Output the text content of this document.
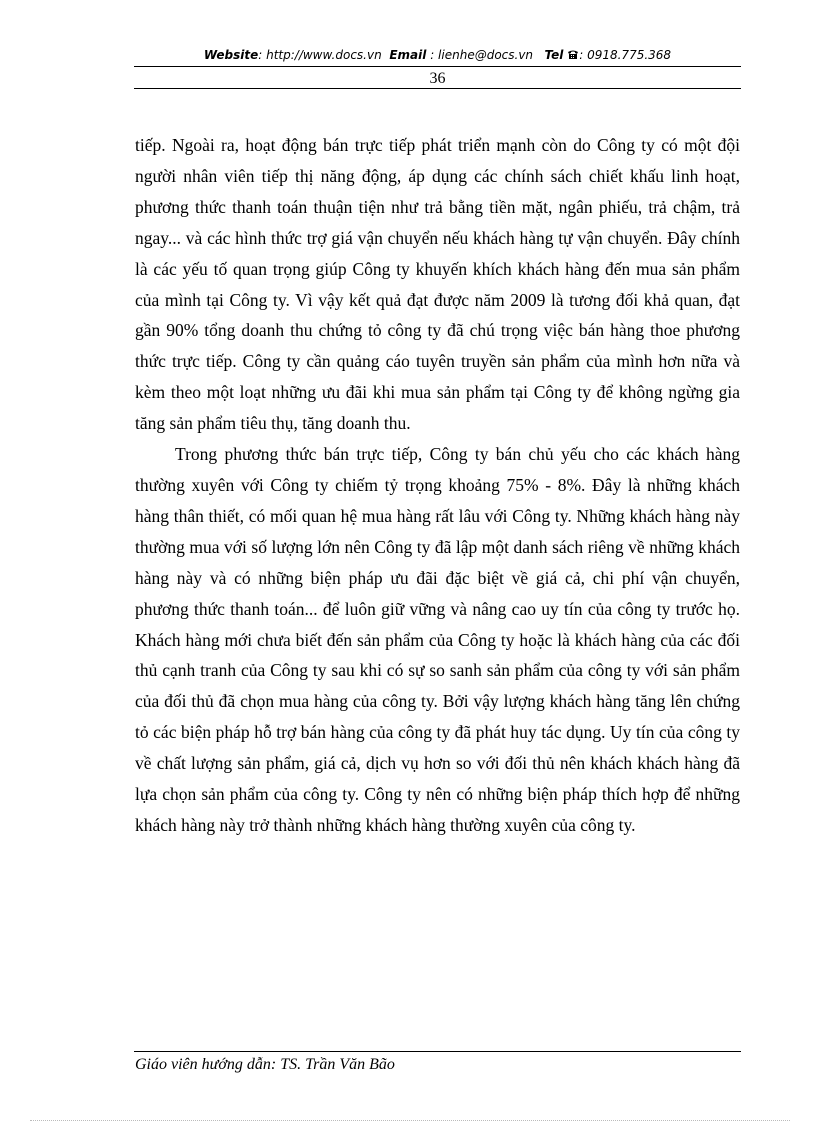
Website: http://www.docs.vn Email : lienhe@docs.vn Tel : 0918.775.368
36

tiếp. Ngoài ra, hoạt động bán trực tiếp phát triển mạnh còn do Công ty có một đội người nhân viên tiếp thị năng động, áp dụng các chính sách chiết khấu linh hoạt, phương thức thanh toán thuận tiện như trả bằng tiền mặt, ngân phiếu, trả chậm, trả ngay... và các hình thức trợ giá vận chuyển nếu khách hàng tự vận chuyển. Đây chính là các yếu tố quan trọng giúp Công ty khuyến khích khách hàng đến mua sản phẩm của mình tại Công ty. Vì vậy kết quả đạt được năm 2009 là tương đối khả quan, đạt gần 90% tổng doanh thu chứng tỏ công ty đã chú trọng việc bán hàng thoe phương thức trực tiếp. Công ty cần quảng cáo tuyên truyền sản phẩm của mình hơn nữa và kèm theo một loạt những ưu đãi khi mua sản phẩm tại Công ty để không ngừng gia tăng sản phẩm tiêu thụ, tăng doanh thu.

Trong phương thức bán trực tiếp, Công ty bán chủ yếu cho các khách hàng thường xuyên với Công ty chiếm tỷ trọng khoảng 75% - 8%. Đây là những khách hàng thân thiết, có mối quan hệ mua hàng rất lâu với Công ty. Những khách hàng này thường mua với số lượng lớn nên Công ty đã lập một danh sách riêng về những khách hàng này và có những biện pháp ưu đãi đặc biệt về giá cả, chi phí vận chuyển, phương thức thanh toán... để luôn giữ vững và nâng cao uy tín của công ty trước họ. Khách hàng mới chưa biết đến sản phẩm của Công ty hoặc là khách hàng của các đối thủ cạnh tranh của Công ty sau khi có sự so sanh sản phẩm của công ty với sản phẩm của đối thủ đã chọn mua hàng của công ty. Bởi vậy lượng khách hàng tăng lên chứng tỏ các biện pháp hỗ trợ bán hàng của công ty đã phát huy tác dụng. Uy tín của công ty về chất lượng sản phẩm, giá cả, dịch vụ hơn so với đối thủ nên khách khách hàng đã lựa chọn sản phẩm của công ty. Công ty nên có những biện pháp thích hợp để những khách hàng này trở thành những khách hàng thường xuyên của công ty.

Giáo viên hướng dẫn: TS. Trần Văn Bão
